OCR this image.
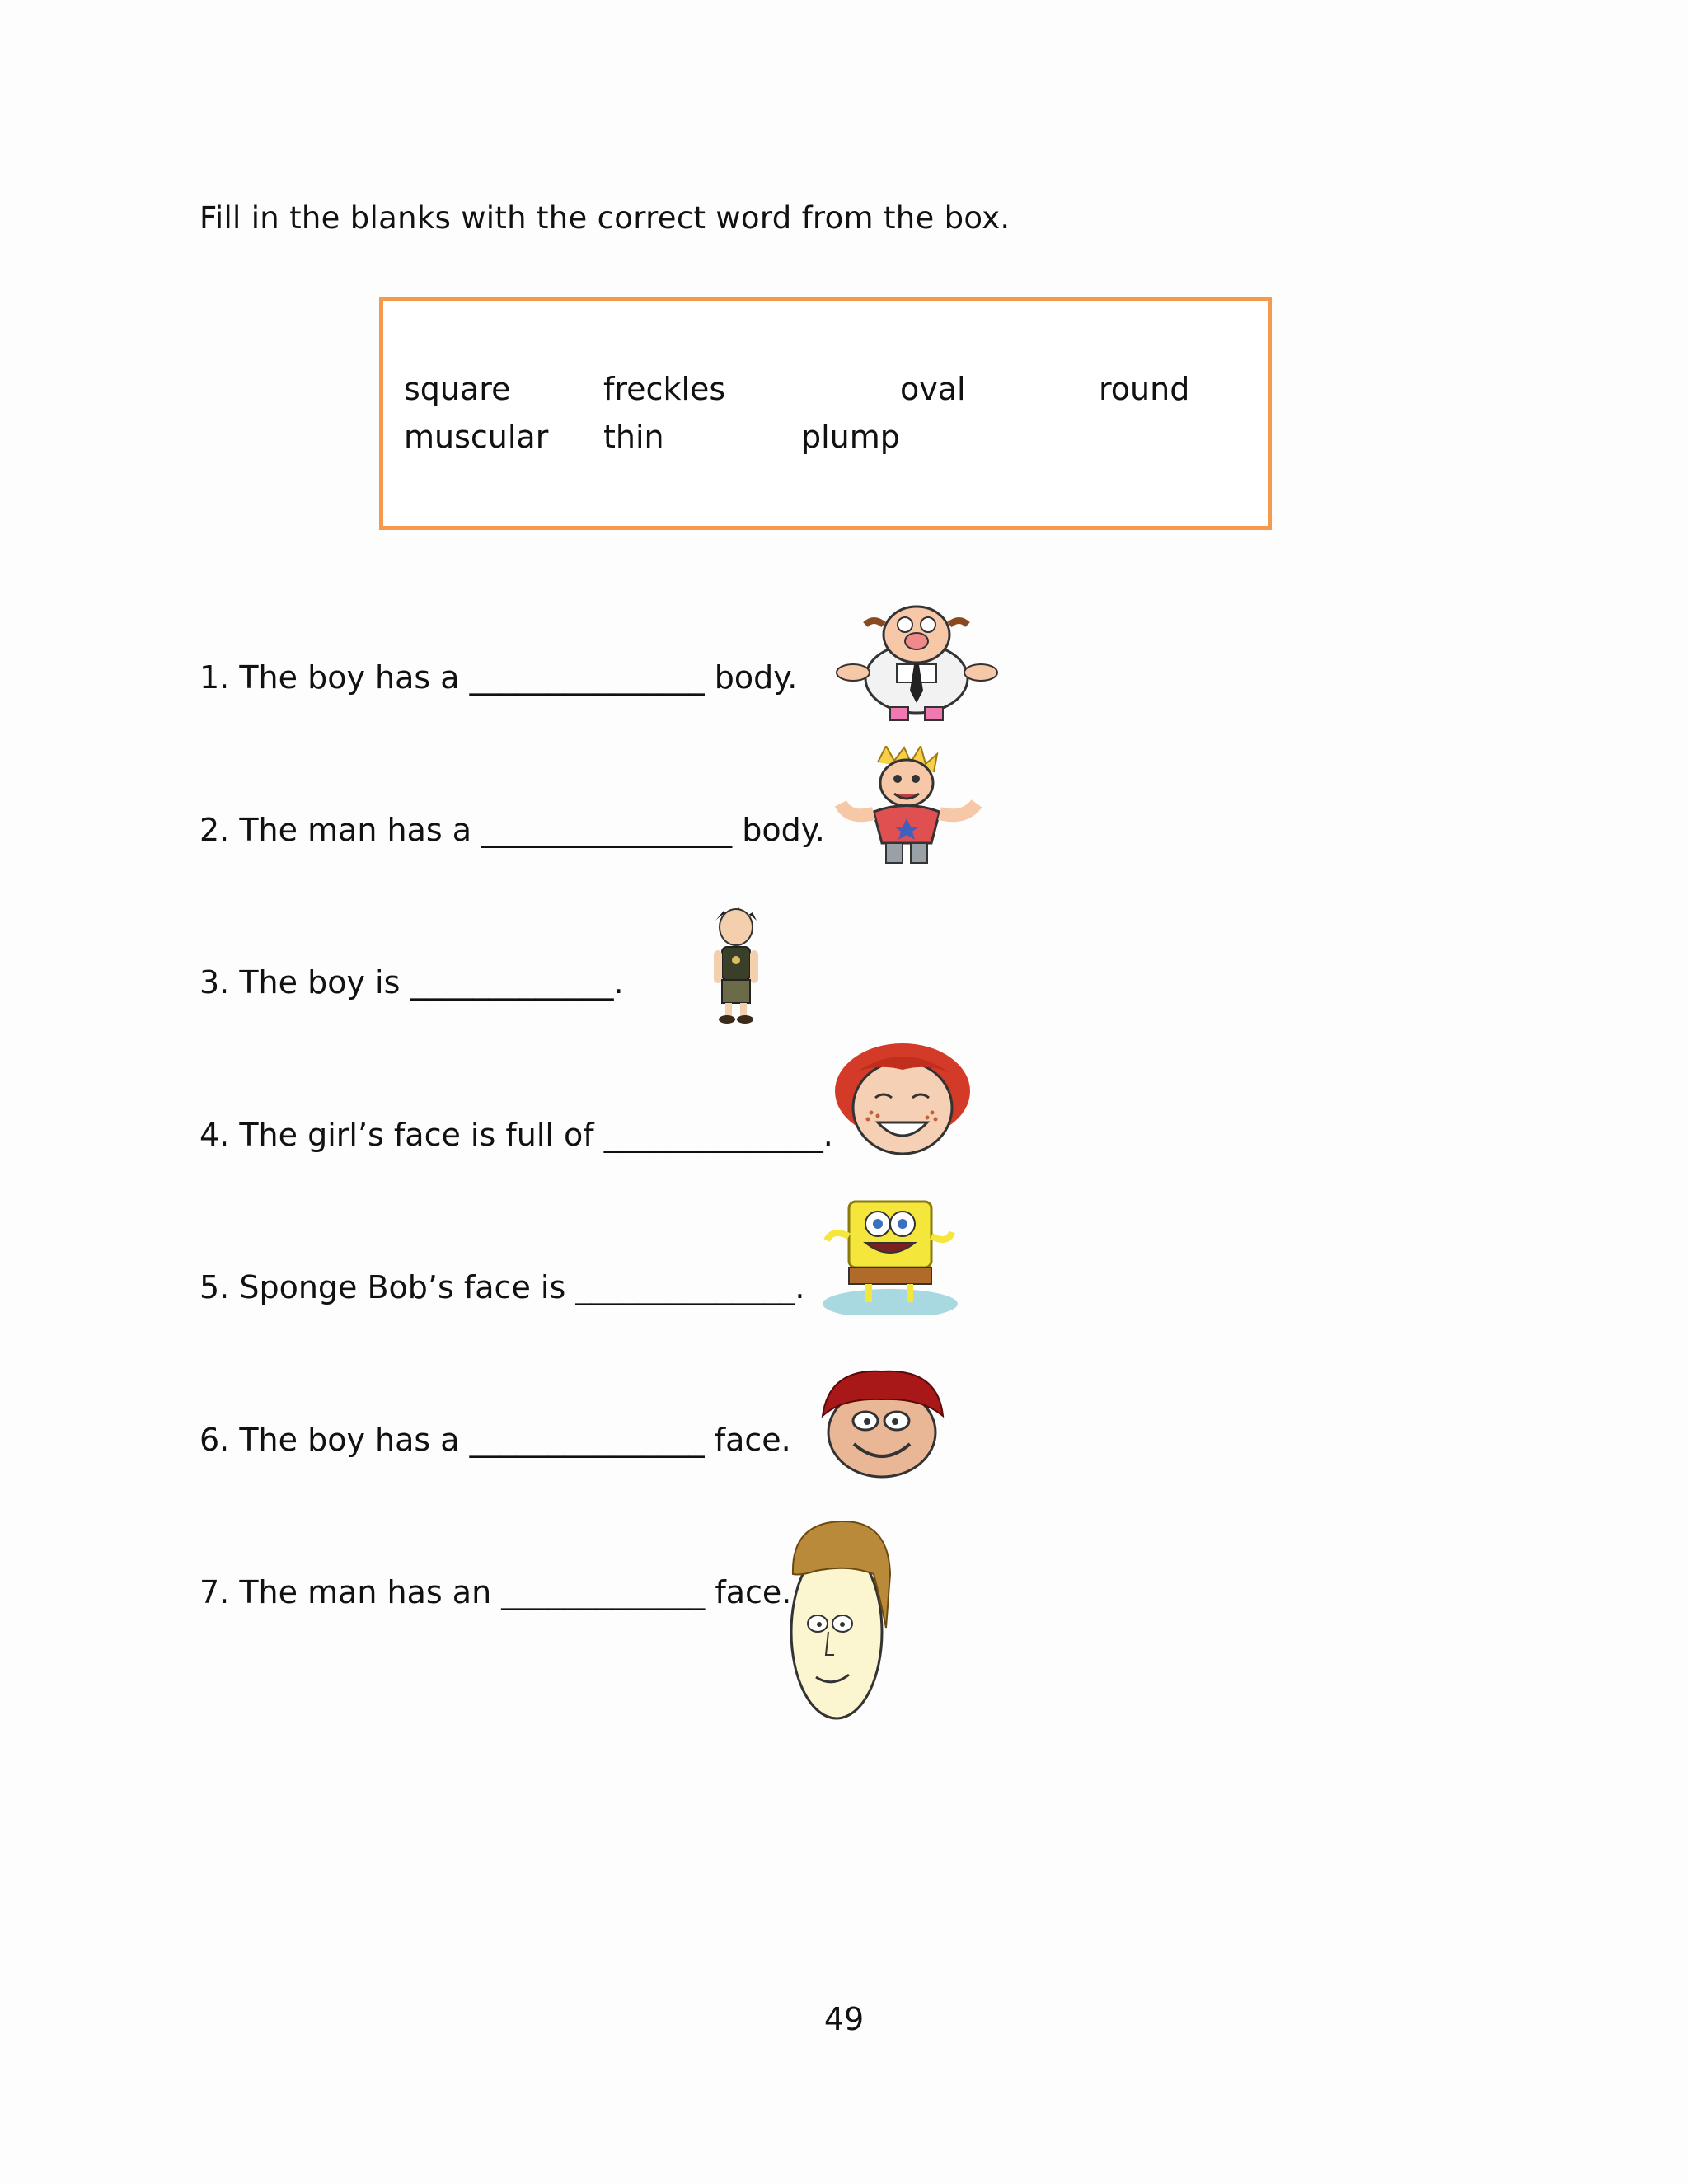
Fill in the blanks with the correct word from the box.
square	freckles	oval	round
muscular thin	plump
1. The boy has a _______________ body.
2. The man has a ________________ body.
3. The boy is _____________.
4. The girl’s face is full of ______________.
5. Sponge Bob’s face is ______________.
6. The boy has a _______________ face.
7. The man has an _____________ face.
49
